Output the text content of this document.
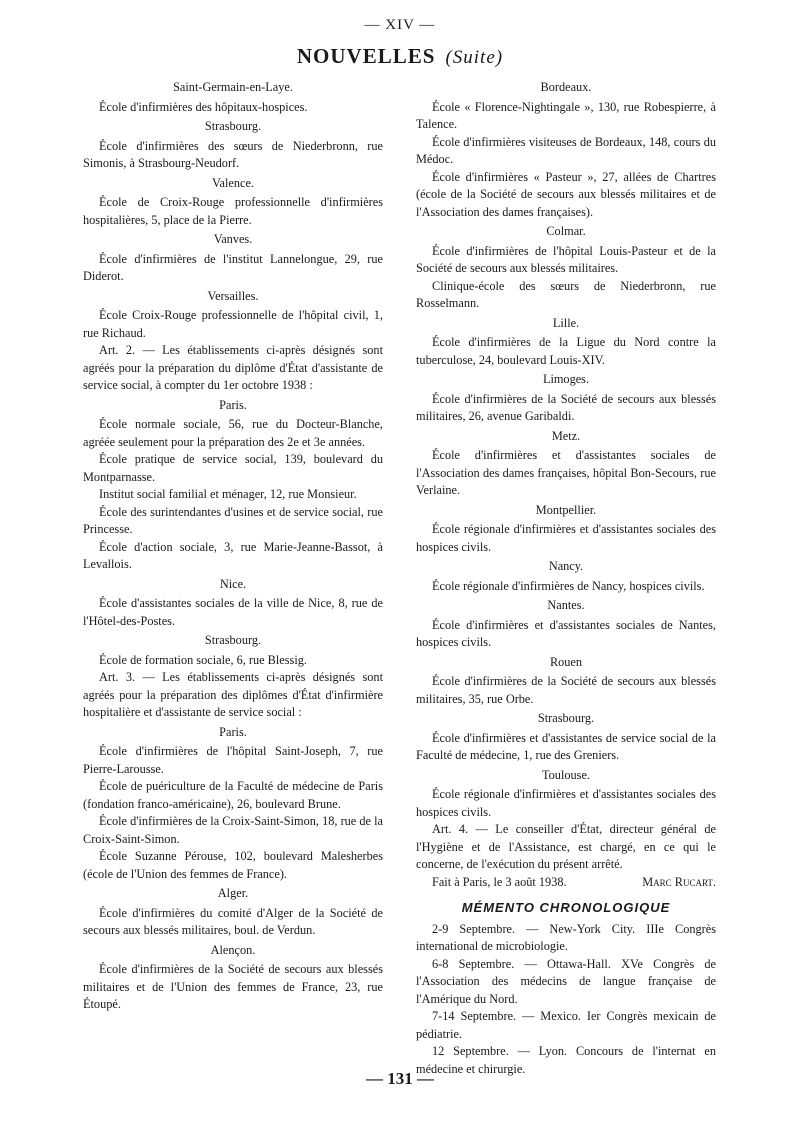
— XIV —
NOUVELLES (Suite)
Saint-Germain-en-Laye.
École d'infirmières des hôpitaux-hospices.
Strasbourg.
École d'infirmières des sœurs de Niederbronn, rue Simonis, à Strasbourg-Neudorf.
Valence.
École de Croix-Rouge professionnelle d'infirmières hospitalières, 5, place de la Pierre.
Vanves.
École d'infirmières de l'institut Lannelongue, 29, rue Diderot.
Versailles.
École Croix-Rouge professionnelle de l'hôpital civil, 1, rue Richaud.
Art. 2. — Les établissements ci-après désignés sont agréés pour la préparation du diplôme d'État d'assistante de service social, à compter du 1er octobre 1938 :
Paris.
École normale sociale, 56, rue du Docteur-Blanche, agréée seulement pour la préparation des 2e et 3e années.
École pratique de service social, 139, boulevard du Montparnasse.
Institut social familial et ménager, 12, rue Monsieur.
École des surintendantes d'usines et de service social, rue Princesse.
École d'action sociale, 3, rue Marie-Jeanne-Bassot, à Levallois.
Nice.
École d'assistantes sociales de la ville de Nice, 8, rue de l'Hôtel-des-Postes.
Strasbourg.
École de formation sociale, 6, rue Blessig.
Art. 3. — Les établissements ci-après désignés sont agréés pour la préparation des diplômes d'État d'infirmière hospitalière et d'assistante de service social :
Paris.
École d'infirmières de l'hôpital Saint-Joseph, 7, rue Pierre-Larousse.
École de puériculture de la Faculté de médecine de Paris (fondation franco-américaine), 26, boulevard Brune.
École d'infirmières de la Croix-Saint-Simon, 18, rue de la Croix-Saint-Simon.
École Suzanne Pérouse, 102, boulevard Malesherbes (école de l'Union des femmes de France).
Alger.
École d'infirmières du comité d'Alger de la Société de secours aux blessés militaires, boul. de Verdun.
Alençon.
École d'infirmières de la Société de secours aux blessés militaires et de l'Union des femmes de France, 23, rue Étoupé.
Bordeaux.
École « Florence-Nightingale », 130, rue Robespierre, à Talence.
École d'infirmières visiteuses de Bordeaux, 148, cours du Médoc.
École d'infirmières « Pasteur », 27, allées de Chartres (école de la Société de secours aux blessés militaires et de l'Association des dames françaises).
Colmar.
École d'infirmières de l'hôpital Louis-Pasteur et de la Société de secours aux blessés militaires.
Clinique-école des sœurs de Niederbronn, rue Rosselmann.
Lille.
École d'infirmières de la Ligue du Nord contre la tuberculose, 24, boulevard Louis-XIV.
Limoges.
École d'infirmières de la Société de secours aux blessés militaires, 26, avenue Garibaldi.
Metz.
École d'infirmières et d'assistantes sociales de l'Association des dames françaises, hôpital Bon-Secours, rue Verlaine.
Montpellier.
École régionale d'infirmières et d'assistantes sociales des hospices civils.
Nancy.
École régionale d'infirmières de Nancy, hospices civils.
Nantes.
École d'infirmières et d'assistantes sociales de Nantes, hospices civils.
Rouen
École d'infirmières de la Société de secours aux blessés militaires, 35, rue Orbe.
Strasbourg.
École d'infirmières et d'assistantes de service social de la Faculté de médecine, 1, rue des Greniers.
Toulouse.
École régionale d'infirmières et d'assistantes sociales des hospices civils.
Art. 4. — Le conseiller d'État, directeur général de l'Hygiène et de l'Assistance, est chargé, en ce qui le concerne, de l'exécution du présent arrêté.
Fait à Paris, le 3 août 1938.	Marc Rucart.
MÉMENTO CHRONOLOGIQUE
2-9 Septembre. — New-York City. IIIe Congrès international de microbiologie.
6-8 Septembre. — Ottawa-Hall. XVe Congrès de l'Association des médecins de langue française de l'Amérique du Nord.
7-14 Septembre. — Mexico. Ier Congrès mexicain de pédiatrie.
12 Septembre. — Lyon. Concours de l'internat en médecine et chirurgie.
— 131 —
